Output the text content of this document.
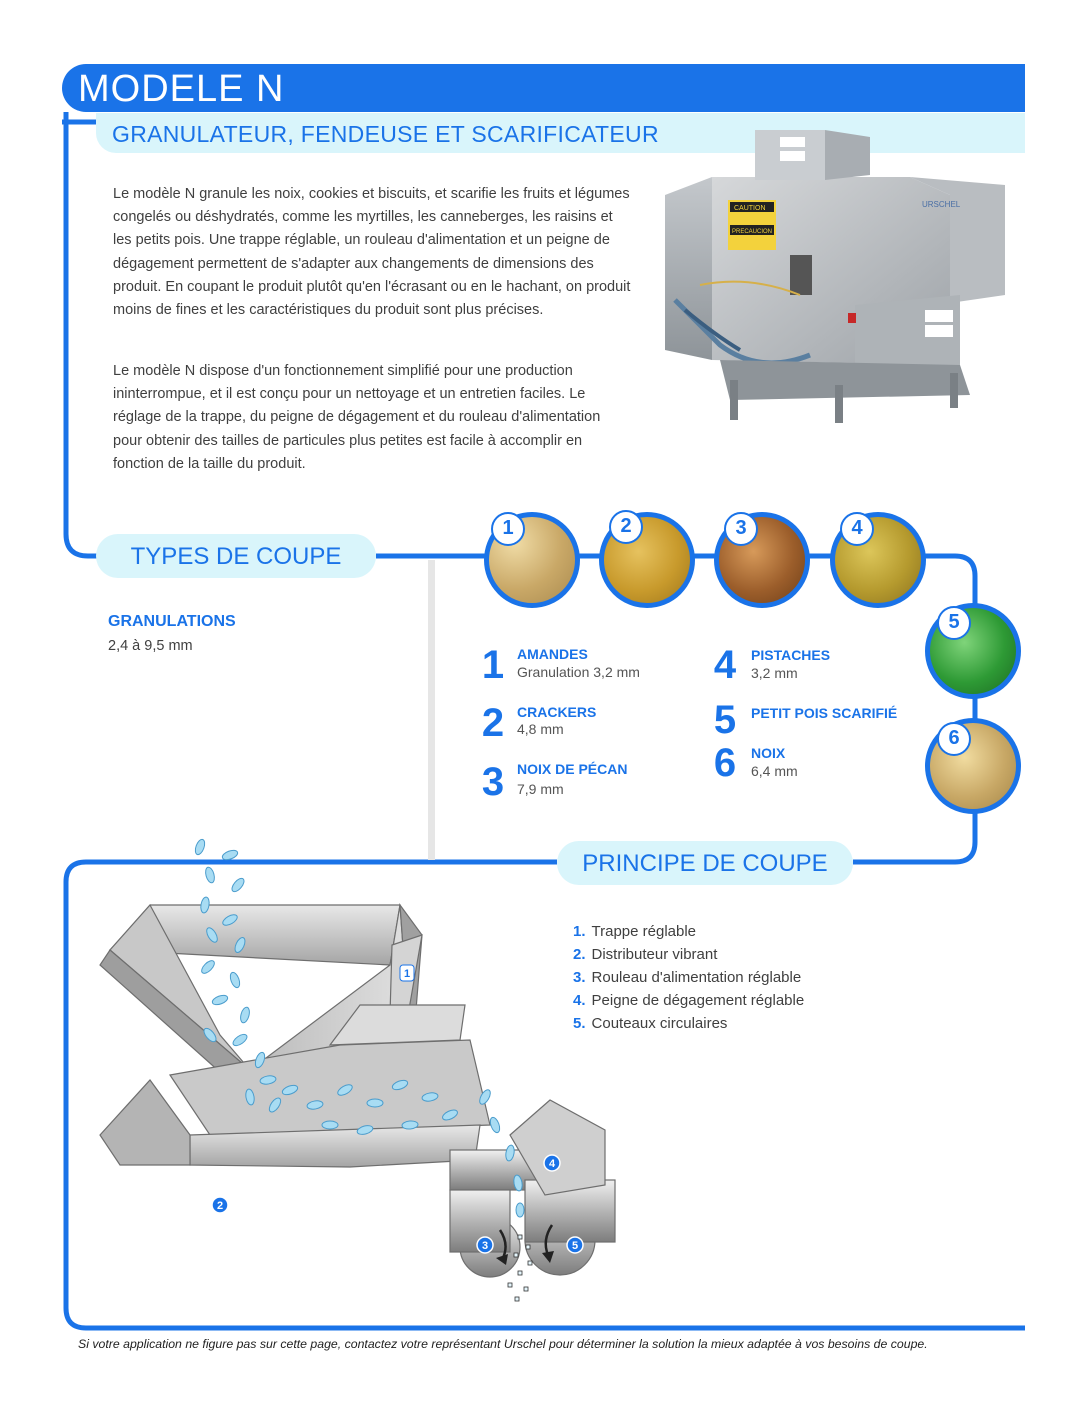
MODELE N
GRANULATEUR, FENDEUSE ET SCARIFICATEUR

Le modèle N granule les noix, cookies et biscuits, et scarifie les fruits et légumes congelés ou déshydratés, comme les myrtilles, les canneberges, les raisins et les petits pois. Une trappe réglable, un rouleau d'alimentation et un peigne de dégagement permettent de s'adapter aux changements de dimensions des produit. En coupant le produit plutôt qu'en l'écrasant ou en le hachant, on produit moins de fines et les caractéristiques du produit sont plus précises.

Le modèle N dispose d'un fonctionnement simplifié pour une production ininterrompue, et il est conçu pour un nettoyage et un entretien faciles. Le réglage de la trappe, du peigne de dégagement et du rouleau d'alimentation pour obtenir des tailles de particules plus petites est facile à accomplir en fonction de la taille du produit.

CAUTION
PRECAUCION
URSCHEL
TYPES DE COUPE
GRANULATIONS
2,4 à 9,5 mm
1	2	3	4
5
6
1 AMANDES
Granulation 3,2 mm
2 CRACKERS
4,8 mm
3 NOIX DE PÉCAN
7,9 mm
4	PISTACHES
3,2 mm
5	PETIT POIS SCARIFIÉ
6	NOIX
6,4 mm
PRINCIPE DE COUPE
1. Trappe réglable
2. Distributeur vibrant
3. Rouleau d'alimentation réglable
4. Peigne de dégagement réglable
5. Couteaux circulaires
1
2
3
4
5
Si votre application ne figure pas sur cette page, contactez votre représentant Urschel pour déterminer la solution la mieux adaptée à vos besoins de coupe.
